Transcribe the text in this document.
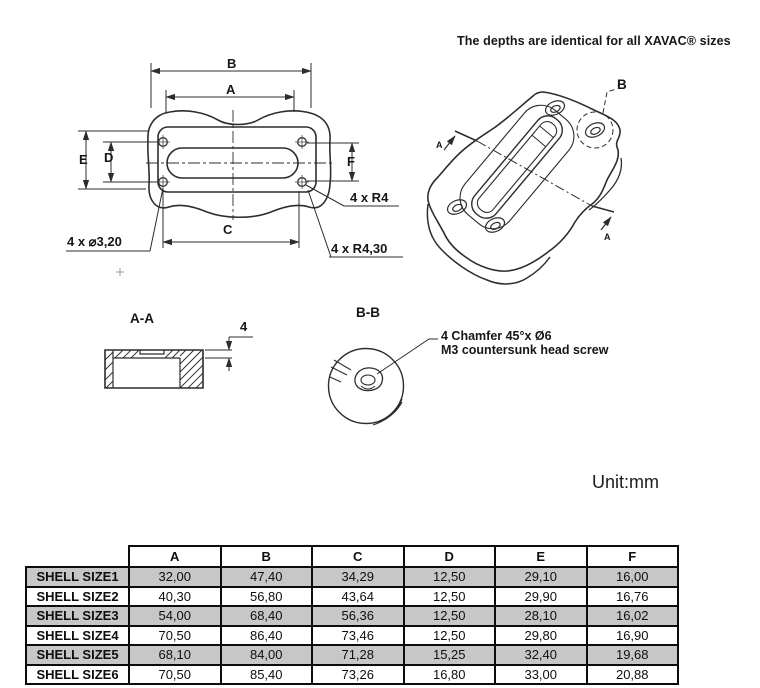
The depths are identical for all XAVAC® sizes
B
A
E D	F
C
4 x ⌀3,20
4 x R4
4 x R4,30
B
A
A
A-A
4
B-B
4 Chamfer 45°x Ø6
M3 countersunk head screw
Unit:mm
	A	B	C	D	E	F
SHELL SIZE1	32,00	47,40	34,29	12,50	29,10	16,00
SHELL SIZE2	40,30	56,80	43,64	12,50	29,90	16,76
SHELL SIZE3	54,00	68,40	56,36	12,50	28,10	16,02
SHELL SIZE4	70,50	86,40	73,46	12,50	29,80	16,90
SHELL SIZE5	68,10	84,00	71,28	15,25	32,40	19,68
SHELL SIZE6	70,50	85,40	73,26	16,80	33,00	20,88
